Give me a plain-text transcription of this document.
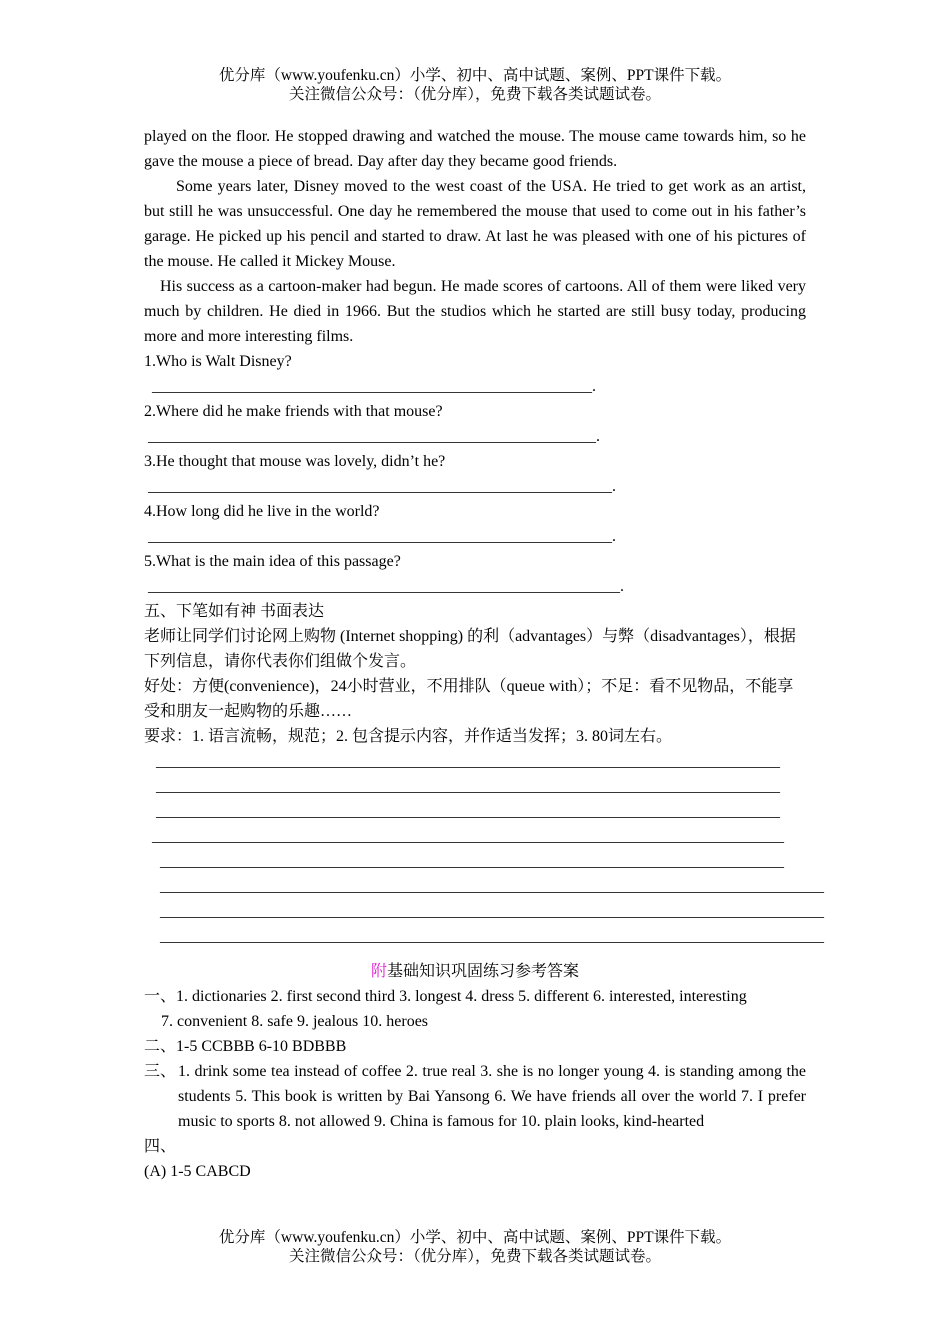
优分库（www.youfenku.cn）小学、初中、高中试题、案例、PPT课件下载。
关注微信公众号：（优分库），免费下载各类试题试卷。

played on the floor. He stopped drawing and watched the mouse. The mouse came towards him, so he gave the mouse a piece of bread. Day after day they became good friends.

Some years later, Disney moved to the west coast of the USA. He tried to get work as an artist, but still he was unsuccessful. One day he remembered the mouse that used to come out in his father’s garage. He picked up his pencil and started to draw. At last he was pleased with one of his pictures of the mouse. He called it Mickey Mouse.

His success as a cartoon-maker had begun. He made scores of cartoons. All of them were liked very much by children. He died in 1966. But the studios which he started are still busy today, producing more and more interesting films.

1.Who is Walt Disney?

_______________________________________________________.

2.Where did he make friends with that mouse?

________________________________________________________.

3.He thought that mouse was lovely, didn’t he?

__________________________________________________________.

4.How long did he live in the world?

__________________________________________________________.

5.What is the main idea of this passage?

___________________________________________________________.

五、下笔如有神 书面表达

老师让同学们讨论网上购物 (Internet shopping) 的利（advantages）与弊（disadvantages），根据下列信息，请你代表你们组做个发言。

好处：方便(convenience)，24小时营业，不用排队（queue with）；不足：看不见物品，不能享受和朋友一起购物的乐趣……

要求：1. 语言流畅，规范；2. 包含提示内容，并作适当发挥；3. 80词左右。

______________________________________________________________________________

______________________________________________________________________________

______________________________________________________________________________

_______________________________________________________________________________

______________________________________________________________________________

___________________________________________________________________________________

___________________________________________________________________________________

___________________________________________________________________________________

附基础知识巩固练习参考答案

一、 1. dictionaries 2. first second third 3. longest 4. dress 5. different 6. interested, interesting

7. convenient 8. safe 9. jealous 10. heroes

二、1-5 CCBBB 6-10 BDBBB

三、 1. drink some tea instead of coffee 2. true real 3. she is no longer young 4. is standing among the students 5. This book is written by Bai Yansong 6. We have friends all over the world 7. I prefer music to sports 8. not allowed 9. China is famous for 10. plain looks, kind-hearted

四、

(A) 1-5 CABCD

优分库（www.youfenku.cn）小学、初中、高中试题、案例、PPT课件下载。
关注微信公众号：（优分库），免费下载各类试题试卷。
